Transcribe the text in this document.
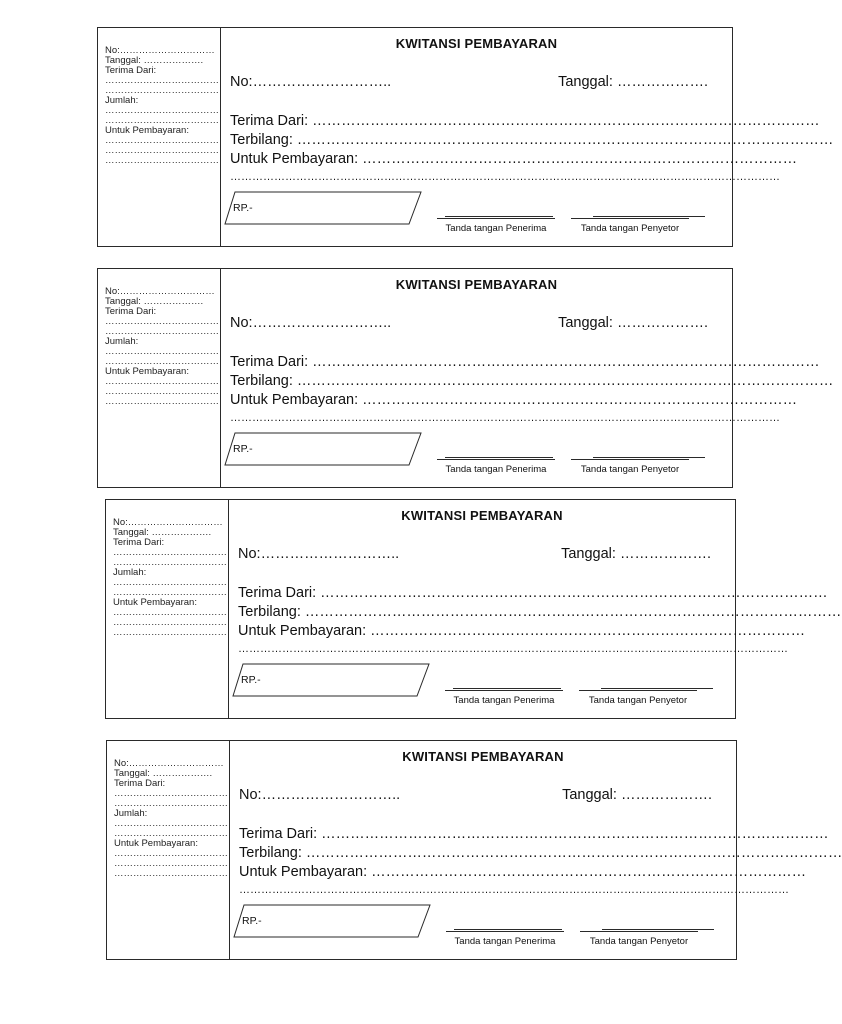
No:…………………………
Tanggal: ……………….
Terima Dari:
………………………………
………………………………
Jumlah:
………………………………
………………………………
Untuk Pembayaran:
………………………………
………………………………
………………………………
KWITANSI PEMBAYARAN
No:………………………..	Tanggal: ……………….
Terima Dari: ……………………………………………………………………………………………
Terbilang: …………………………………………………………………………………………………
Untuk Pembayaran: ………………………………………………………………………………
……………………………………………………………………………………………………………………………………
RP.-
Tanda tangan Penerima	Tanda tangan Penyetor
No:…………………………
Tanggal: ……………….
Terima Dari:
………………………………
………………………………
Jumlah:
………………………………
………………………………
Untuk Pembayaran:
………………………………
………………………………
………………………………
KWITANSI PEMBAYARAN
No:………………………..	Tanggal: ……………….
Terima Dari: ……………………………………………………………………………………………
Terbilang: …………………………………………………………………………………………………
Untuk Pembayaran: ………………………………………………………………………………
……………………………………………………………………………………………………………………………………
RP.-
Tanda tangan Penerima	Tanda tangan Penyetor
No:…………………………
Tanggal: ……………….
Terima Dari:
………………………………
………………………………
Jumlah:
………………………………
………………………………
Untuk Pembayaran:
………………………………
………………………………
………………………………
KWITANSI PEMBAYARAN
No:………………………..	Tanggal: ……………….
Terima Dari: ……………………………………………………………………………………………
Terbilang: …………………………………………………………………………………………………
Untuk Pembayaran: ………………………………………………………………………………
……………………………………………………………………………………………………………………………………
RP.-
Tanda tangan Penerima	Tanda tangan Penyetor
No:…………………………
Tanggal: ……………….
Terima Dari:
………………………………
………………………………
Jumlah:
………………………………
………………………………
Untuk Pembayaran:
………………………………
………………………………
………………………………
KWITANSI PEMBAYARAN
No:………………………..	Tanggal: ……………….
Terima Dari: ……………………………………………………………………………………………
Terbilang: …………………………………………………………………………………………………
Untuk Pembayaran: ………………………………………………………………………………
……………………………………………………………………………………………………………………………………
RP.-
Tanda tangan Penerima	Tanda tangan Penyetor
